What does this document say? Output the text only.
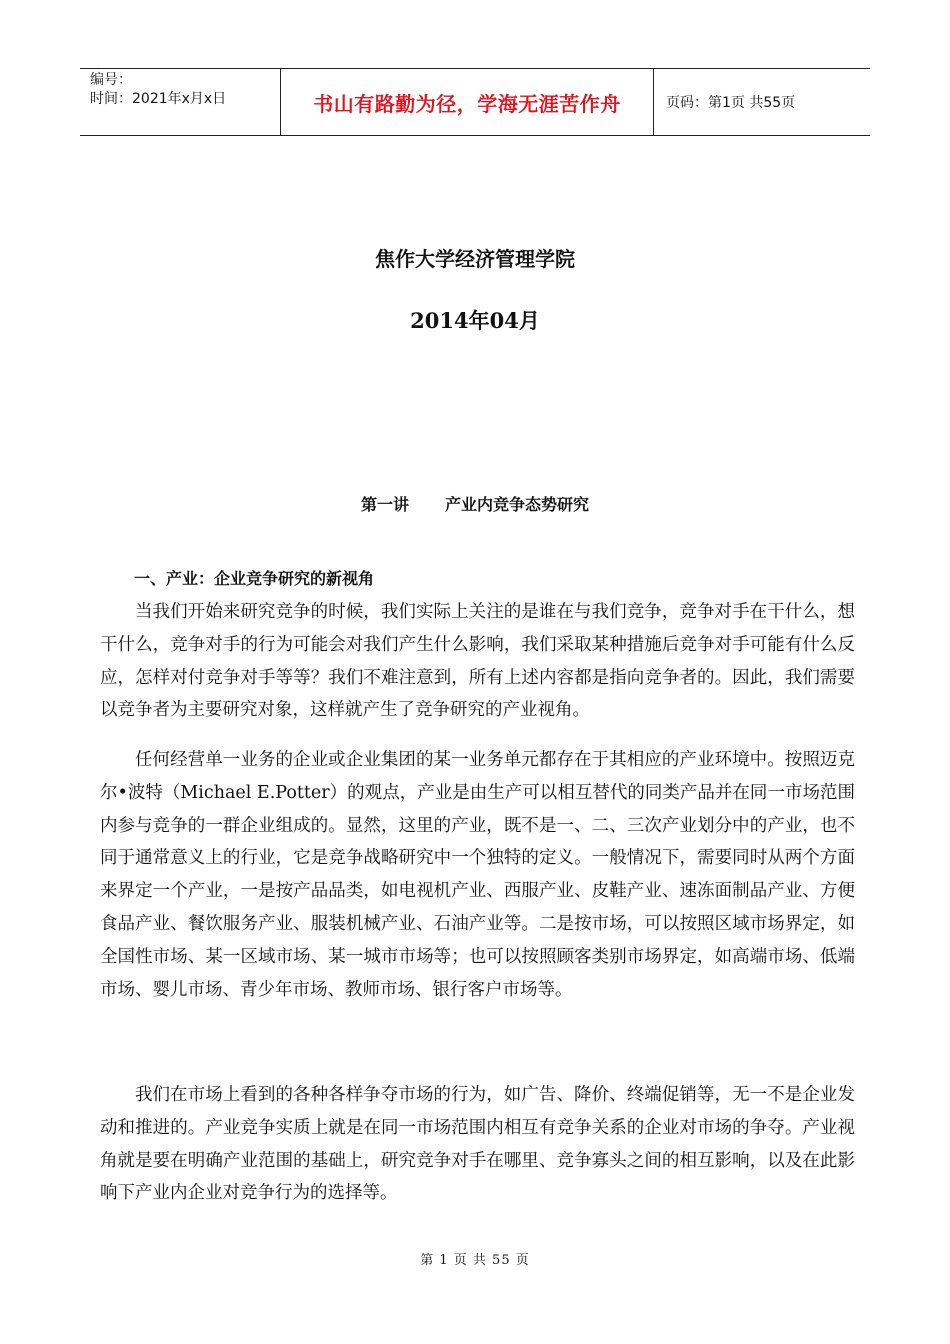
编号：
时间：2021年x月x日	书山有路勤为径，学海无涯苦作舟	页码：第1页 共55页
焦作大学经济管理学院
2014年04月
第一讲 产业内竞争态势研究
一、产业：企业竞争研究的新视角

当我们开始来研究竞争的时候，我们实际上关注的是谁在与我们竞争，竞争对手在干什么，想干什么，竞争对手的行为可能会对我们产生什么影响，我们采取某种措施后竞争对手可能有什么反应，怎样对付竞争对手等等？我们不难注意到，所有上述内容都是指向竞争者的。因此，我们需要以竞争者为主要研究对象，这样就产生了竞争研究的产业视角。

任何经营单一业务的企业或企业集团的某一业务单元都存在于其相应的产业环境中。按照迈克尔•波特（Michael E.Potter）的观点，产业是由生产可以相互替代的同类产品并在同一市场范围内参与竞争的一群企业组成的。显然，这里的产业，既不是一、二、三次产业划分中的产业，也不同于通常意义上的行业，它是竞争战略研究中一个独特的定义。一般情况下，需要同时从两个方面来界定一个产业，一是按产品品类，如电视机产业、西服产业、皮鞋产业、速冻面制品产业、方便食品产业、餐饮服务产业、服装机械产业、石油产业等。二是按市场，可以按照区域市场界定，如全国性市场、某一区域市场、某一城市市场等；也可以按照顾客类别市场界定，如高端市场、低端市场、婴儿市场、青少年市场、教师市场、银行客户市场等。

我们在市场上看到的各种各样争夺市场的行为，如广告、降价、终端促销等，无一不是企业发动和推进的。产业竞争实质上就是在同一市场范围内相互有竞争关系的企业对市场的争夺。产业视角就是要在明确产业范围的基础上，研究竞争对手在哪里、竞争寡头之间的相互影响，以及在此影响下产业内企业对竞争行为的选择等。

第 1 页 共 55 页
